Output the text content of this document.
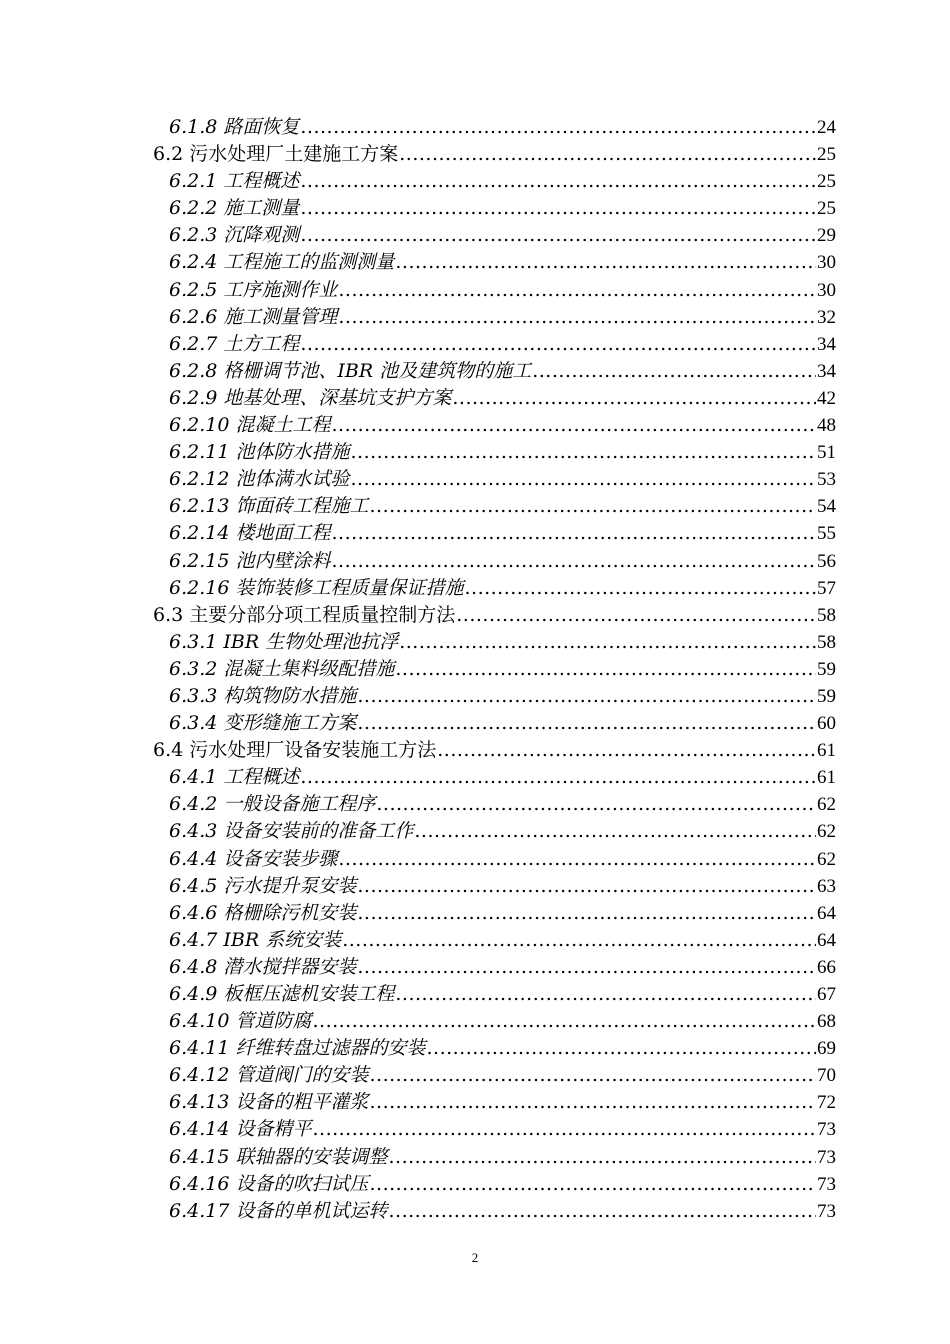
6.1.8 路面恢复 .....	24
6.2 污水处理厂土建施工方案 .....	25
6.2.1 工程概述 .....	25
6.2.2 施工测量 .....	25
6.2.3 沉降观测 .....	29
6.2.4 工程施工的监测测量 .....	30
6.2.5 工序施测作业 .....	30
6.2.6 施工测量管理 .....	32
6.2.7 土方工程 .....	34
6.2.8 格栅调节池、IBR 池及建筑物的施工 .....	34
6.2.9 地基处理、深基坑支护方案 .....	42
6.2.10 混凝土工程 .....	48
6.2.11 池体防水措施 .....	51
6.2.12 池体满水试验 .....	53
6.2.13 饰面砖工程施工 .....	54
6.2.14 楼地面工程 .....	55
6.2.15 池内壁涂料 .....	56
6.2.16 装饰装修工程质量保证措施 .....	57
6.3 主要分部分项工程质量控制方法 .....	58
6.3.1 IBR 生物处理池抗浮 .....	58
6.3.2 混凝土集料级配措施 .....	59
6.3.3 构筑物防水措施 .....	59
6.3.4 变形缝施工方案 .....	60
6.4 污水处理厂设备安装施工方法 .....	61
6.4.1 工程概述 .....	61
6.4.2 一般设备施工程序 .....	62
6.4.3 设备安装前的准备工作 .....	62
6.4.4 设备安装步骤 .....	62
6.4.5 污水提升泵安装 .....	63
6.4.6 格栅除污机安装 .....	64
6.4.7 IBR 系统安装 .....	64
6.4.8 潜水搅拌器安装 .....	66
6.4.9 板框压滤机安装工程 .....	67
6.4.10 管道防腐 .....	68
6.4.11 纤维转盘过滤器的安装 .....	69
6.4.12 管道阀门的安装 .....	70
6.4.13 设备的粗平灌浆 .....	72
6.4.14 设备精平 .....	73
6.4.15 联轴器的安装调整 .....	73
6.4.16 设备的吹扫试压 .....	73
6.4.17 设备的单机试运转 .....	73
2
